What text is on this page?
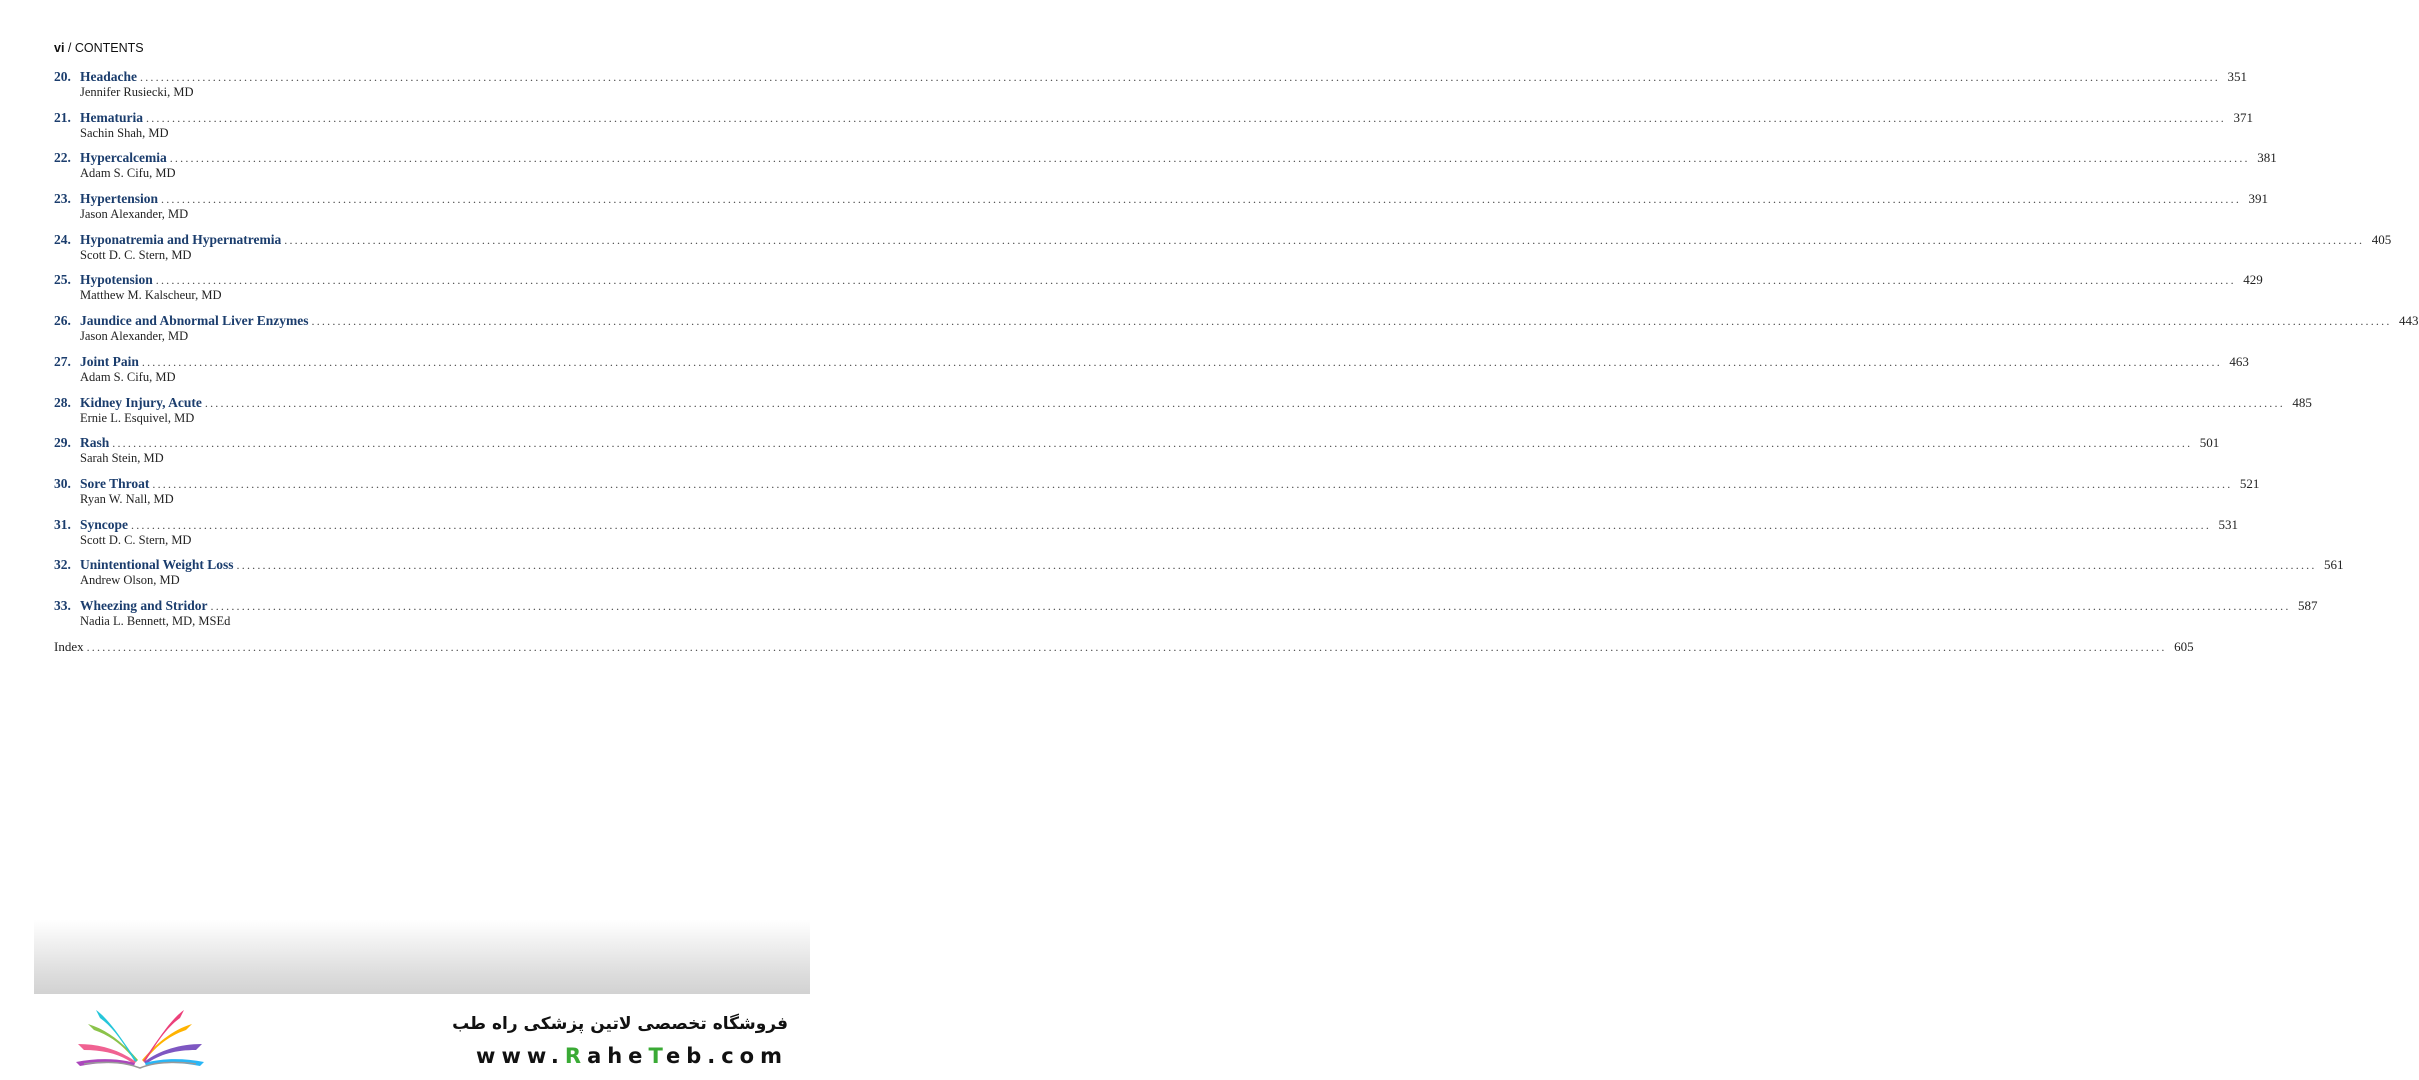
vi / CONTENTS
20. Headache ................................................................................................................................................................................................................................................................................................................................................................................................................ 351
Jennifer Rusiecki, MD
21. Hematuria ................................................................................................................................................................................................................................................................................................................................................................................................................ 371
Sachin Shah, MD
22. Hypercalcemia ................................................................................................................................................................................................................................................................................................................................................................................................................ 381
Adam S. Cifu, MD
23. Hypertension ................................................................................................................................................................................................................................................................................................................................................................................................................ 391
Jason Alexander, MD
24. Hyponatremia and Hypernatremia ................................................................................................................................................................................................................................................................................................................................................................................................................ 405
Scott D. C. Stern, MD
25. Hypotension ................................................................................................................................................................................................................................................................................................................................................................................................................ 429
Matthew M. Kalscheur, MD
26. Jaundice and Abnormal Liver Enzymes ................................................................................................................................................................................................................................................................................................................................................................................................................ 443
Jason Alexander, MD
27. Joint Pain ................................................................................................................................................................................................................................................................................................................................................................................................................ 463
Adam S. Cifu, MD
28. Kidney Injury, Acute ................................................................................................................................................................................................................................................................................................................................................................................................................ 485
Ernie L. Esquivel, MD
29. Rash ................................................................................................................................................................................................................................................................................................................................................................................................................ 501
Sarah Stein, MD
30. Sore Throat ................................................................................................................................................................................................................................................................................................................................................................................................................ 521
Ryan W. Nall, MD
31. Syncope ................................................................................................................................................................................................................................................................................................................................................................................................................ 531
Scott D. C. Stern, MD
32. Unintentional Weight Loss ................................................................................................................................................................................................................................................................................................................................................................................................................ 561
Andrew Olson, MD
33. Wheezing and Stridor ................................................................................................................................................................................................................................................................................................................................................................................................................ 587
Nadia L. Bennett, MD, MSEd
Index ................................................................................................................................................................................................................................................................................................................................................................................................................ 605
فروشگاه تخصصی لاتین پزشکی راه طب
www.RaheTeb.com
